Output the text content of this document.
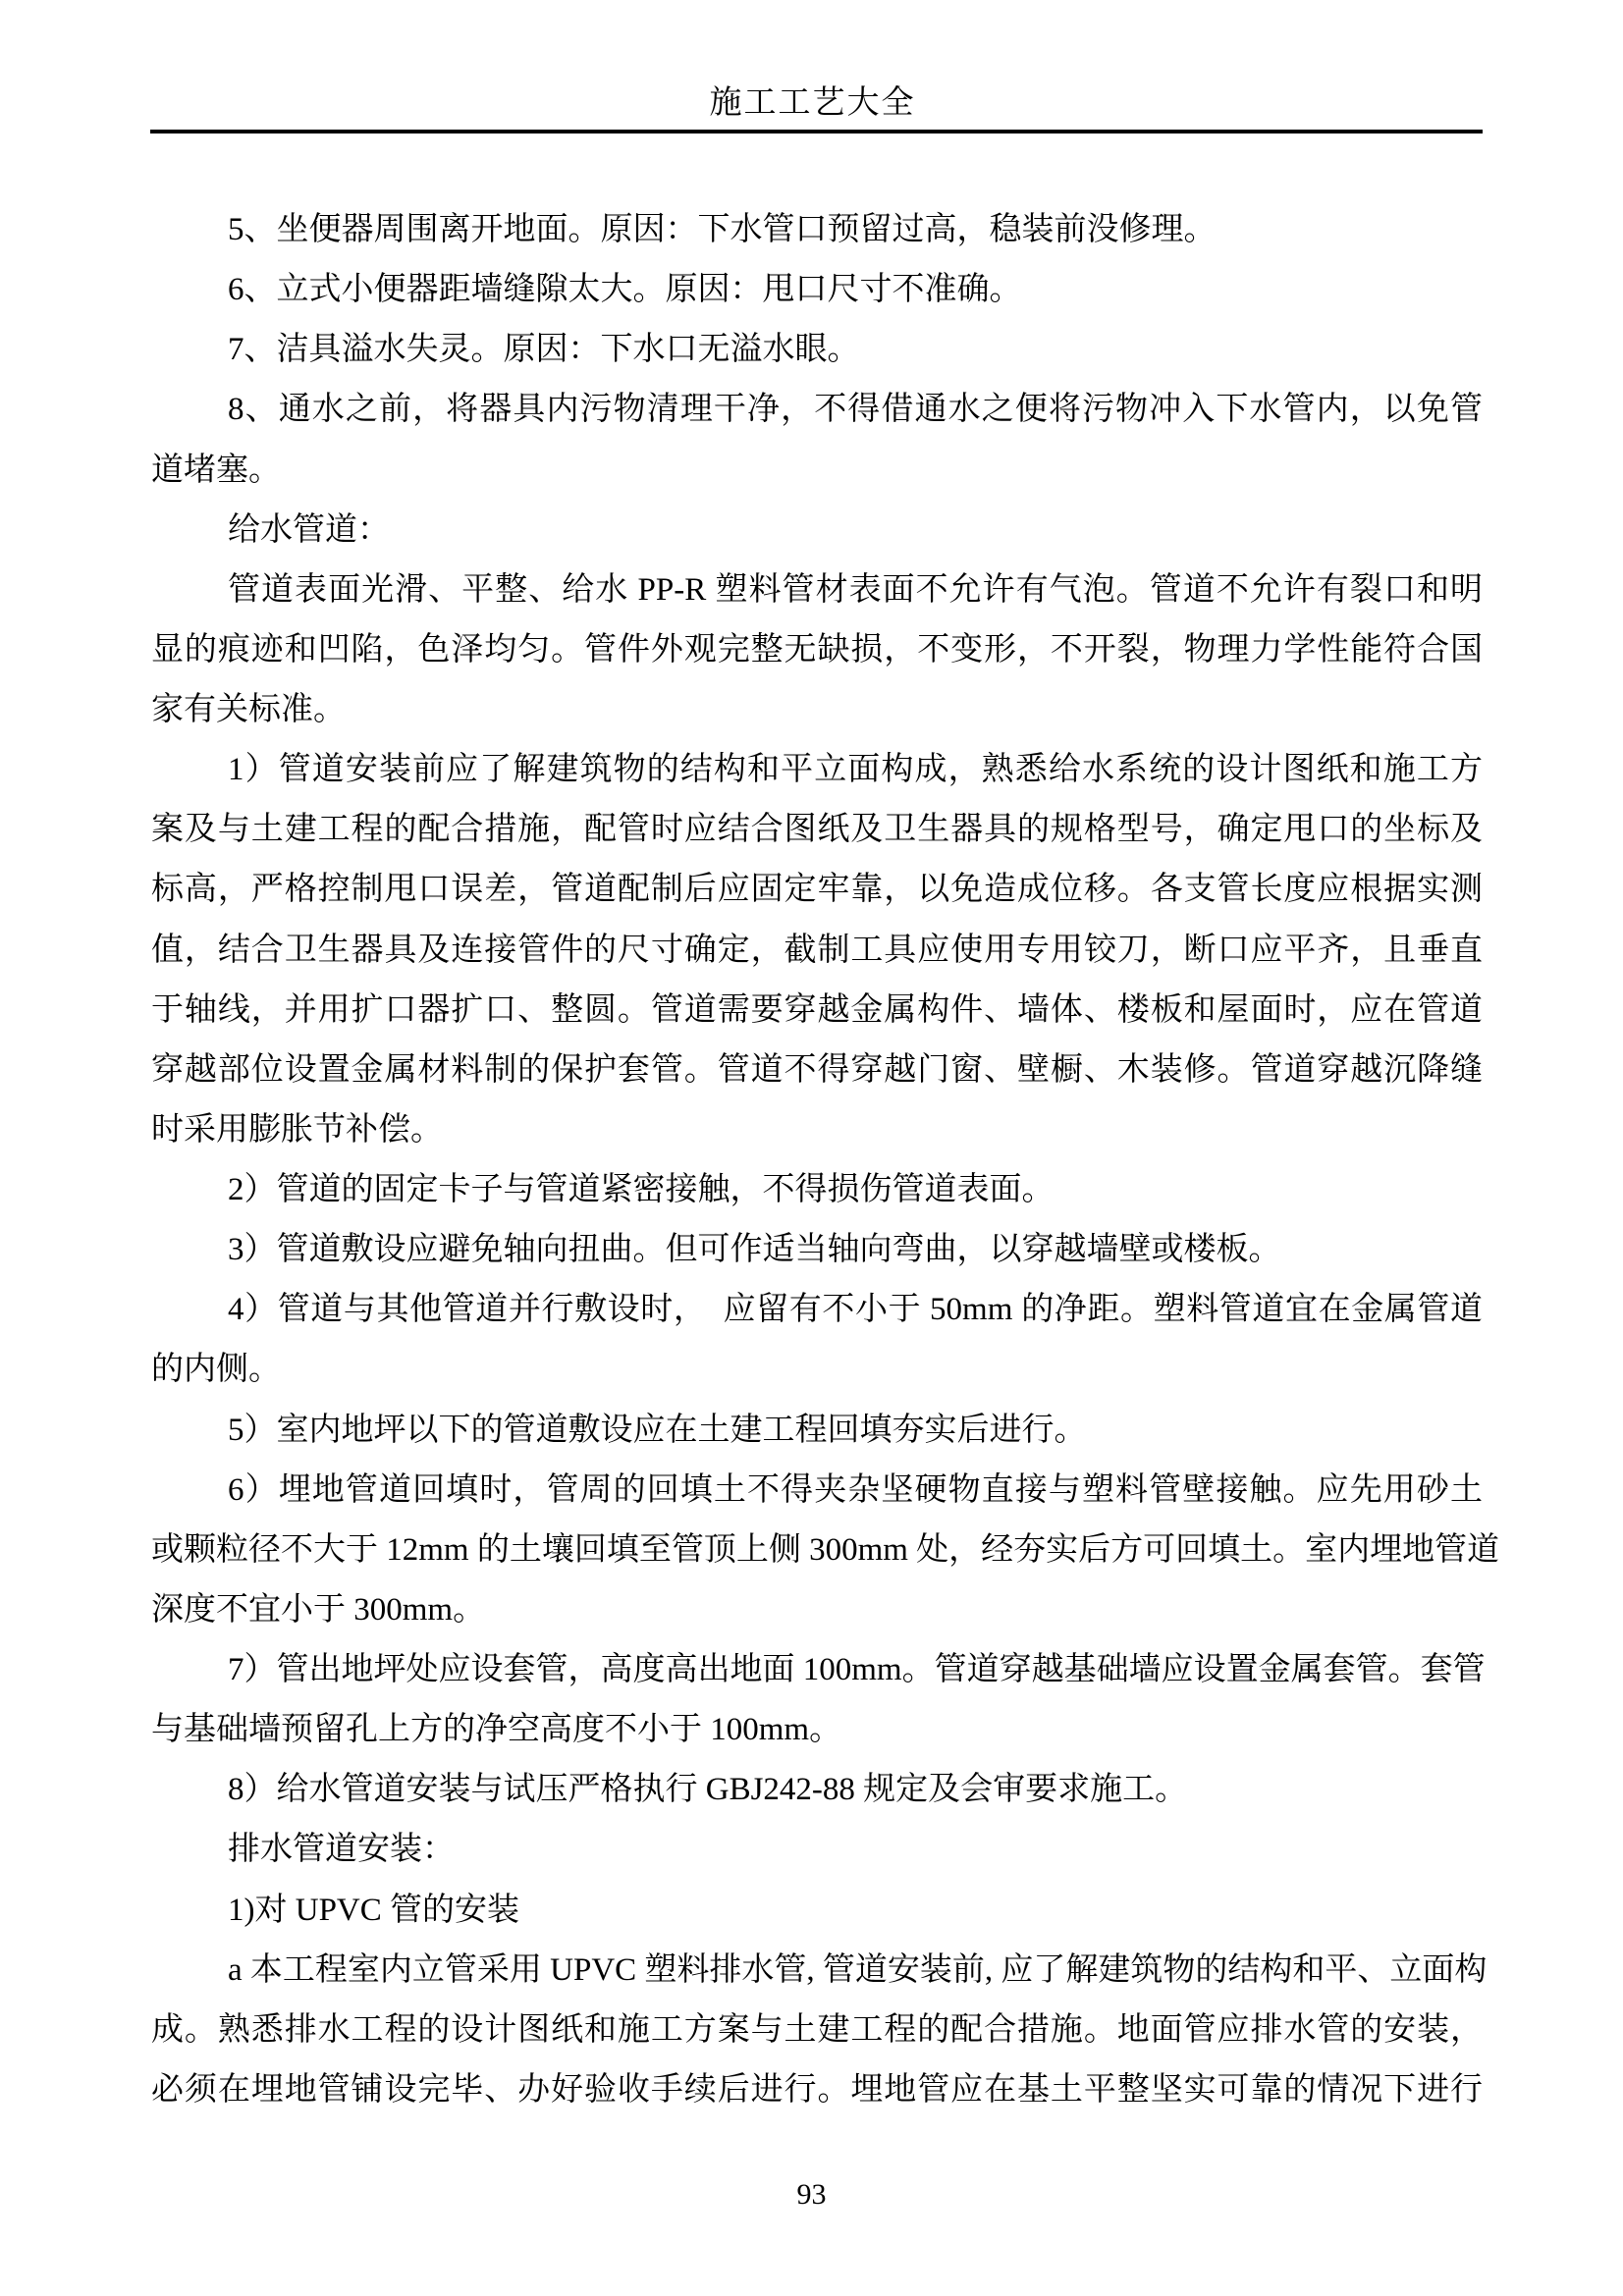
施工工艺大全
5、坐便器周围离开地面。原因：下水管口预留过高，稳装前没修理。
6、立式小便器距墙缝隙太大。原因：甩口尺寸不准确。
7、洁具溢水失灵。原因：下水口无溢水眼。
8、通水之前，将器具内污物清理干净，不得借通水之便将污物冲入下水管内，以免管
道堵塞。
给水管道：
管道表面光滑、平整、给水 PP-R 塑料管材表面不允许有气泡。管道不允许有裂口和明
显的痕迹和凹陷，色泽均匀。管件外观完整无缺损，不变形，不开裂，物理力学性能符合国
家有关标准。
1）管道安装前应了解建筑物的结构和平立面构成，熟悉给水系统的设计图纸和施工方
案及与土建工程的配合措施，配管时应结合图纸及卫生器具的规格型号，确定甩口的坐标及
标高，严格控制甩口误差，管道配制后应固定牢靠，以免造成位移。各支管长度应根据实测
值，结合卫生器具及连接管件的尺寸确定，截制工具应使用专用铰刀，断口应平齐，且垂直
于轴线，并用扩口器扩口、整圆。管道需要穿越金属构件、墙体、楼板和屋面时，应在管道
穿越部位设置金属材料制的保护套管。管道不得穿越门窗、壁橱、木装修。管道穿越沉降缝
时采用膨胀节补偿。
2）管道的固定卡子与管道紧密接触，不得损伤管道表面。
3）管道敷设应避免轴向扭曲。但可作适当轴向弯曲，以穿越墙壁或楼板。
4）管道与其他管道并行敷设时，　应留有不小于 50mm 的净距。塑料管道宜在金属管道
的内侧。
5）室内地坪以下的管道敷设应在土建工程回填夯实后进行。
6）埋地管道回填时，管周的回填土不得夹杂坚硬物直接与塑料管壁接触。应先用砂土
或颗粒径不大于 12mm 的土壤回填至管顶上侧 300mm 处，经夯实后方可回填土。室内埋地管道
深度不宜小于 300mm。
7）管出地坪处应设套管，高度高出地面 100mm。管道穿越基础墙应设置金属套管。套管
与基础墙预留孔上方的净空高度不小于 100mm。
8）给水管道安装与试压严格执行 GBJ242-88 规定及会审要求施工。
排水管道安装：
1)对 UPVC 管的安装
a 本工程室内立管采用 UPVC 塑料排水管, 管道安装前, 应了解建筑物的结构和平、立面构
成。熟悉排水工程的设计图纸和施工方案与土建工程的配合措施。地面管应排水管的安装，
必须在埋地管铺设完毕、办好验收手续后进行。埋地管应在基土平整坚实可靠的情况下进行
93
